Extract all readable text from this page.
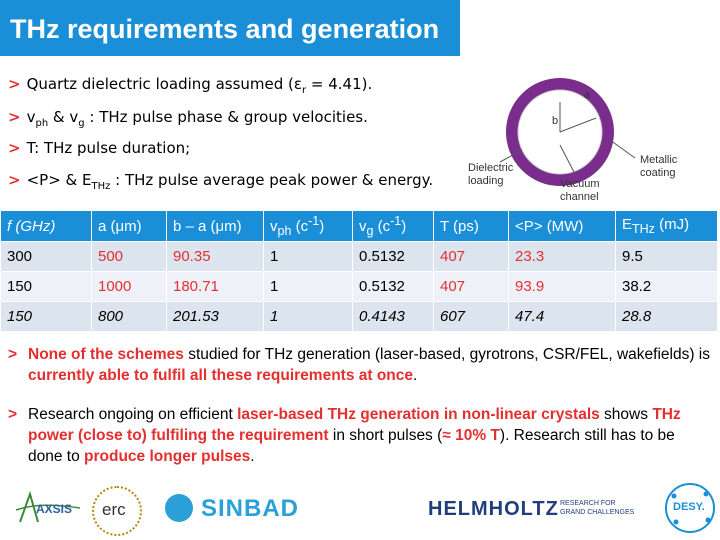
THz requirements and generation
> Quartz dielectric loading assumed $(\varepsilon_r = 4.41)$.
> $v_{ph}$ & $v_g$ : THz pulse phase & group velocities.
> T: THz pulse duration;
> <P> & $E_{THz}$ : THz pulse average peak power & energy.
a
b
Metallic
coating
Dielectric
loading	Vacuum
channel
f (GHz)	a (μm)	b – a (μm)	$v_{ph}$ $(c^{-1})$	$v_g$ $(c^{-1})$	T (ps)	<P> (MW)	$E_{THz}$ (mJ)
300	500	90.35	1	0.5132	407	23.3	9.5
150	1000	180.71	1	0.5132	407	93.9	38.2
150	800	201.53	1	0.4143	607	47.4	28.8
> None of the schemes studied for THz generation (laser-based, gyrotrons, CSR/FEL, wakefields) is currently able to fulfil all these requirements at once.
> Research ongoing on efficient laser-based THz generation in non-linear crystals shows THz power (close to) fulfiling the requirement in short pulses (≈ 10% T). Research still has to be done to produce longer pulses.
AXSIS erc	SINBAD	HELMHOLTZ RESEARCH FOR
GRAND CHALLENGES	DESY.
